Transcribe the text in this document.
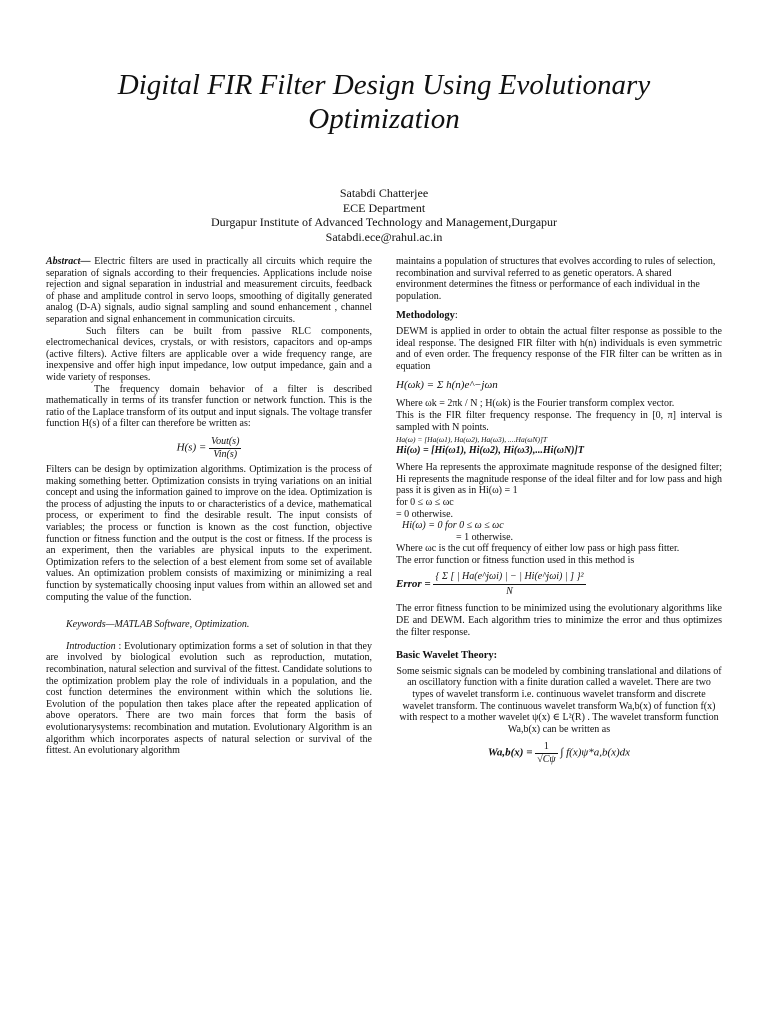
Digital FIR Filter Design Using Evolutionary Optimization
Satabdi Chatterjee
ECE Department
Durgapur Institute of Advanced Technology and Management,Durgapur
Satabdi.ece@rahul.ac.in

Abstract— Electric filters are used in practically all circuits which require the separation of signals according to their frequencies. Applications include noise rejection and signal separation in industrial and measurement circuits, feedback of phase and amplitude control in servo loops, smoothing of digitally generated analog (D-A) signals, audio signal sampling and sound enhancement , channel separation and signal enhancement in communication circuits.

Such filters can be built from passive RLC components, electromechanical devices, crystals, or with resistors, capacitors and op-amps (active filters). Active filters are applicable over a wide frequency range, are inexpensive and offer high input impedance, low output impedance, gain and a wide variety of responses.

The frequency domain behavior of a filter is described mathematically in terms of its transfer function or network function. This is the ratio of the Laplace transform of its output and input signals. The voltage transfer function H(s) of a filter can therefore be written as:

$H(s) = \frac{\text{Vout(s)}}{\text{Vin(s)}}$

Filters can be design by optimization algorithms. Optimization is the process of making something better. Optimization consists in trying variations on an initial concept and using the information gained to improve on the idea. Optimization is the process of adjusting the inputs to or characteristics of a device, mathematical process, or experiment to find the desirable result. The input consists of variables; the process or function is known as the cost function, objective function or fitness function and the output is the cost or fitness. If the process is an experiment, then the variables are physical inputs to the experiment. Optimization refers to the selection of a best element from some set of available values. An optimization problem consists of maximizing or minimizing a real function by systematically choosing input values from within an allowed set and computing the value of the function.

Keywords—MATLAB Software, Optimization.

Introduction : Evolutionary optimization forms a set of solution in that they are involved by biological evolution such as reproduction, mutation, recombination, natural selection and survival of the fittest. Candidate solutions to the optimization problem play the role of individuals in a population, and the cost function determines the environment within which the solutions lie. Evolution of the population then takes place after the repeated application of above operators. There are two main forces that form the basis of evolutionarysystems: recombination and mutation. Evolutionary Algorithm is an algorithm which incorporates aspects of natural selection or survival of the fittest. An evolutionary algorithm

maintains a population of structures that evolves according to rules of selection, recombination and survival referred to as genetic operators. A shared environment determines the fitness or performance of each individual in the population.

Methodology:

DEWM is applied in order to obtain the actual filter response as possible to the ideal response. The designed FIR filter with h(n) individuals is even symmetric and of even order. The frequency response of the FIR filter can be written as in equation

H(ωk) = Σ h(n)e^−jωn

Where ωk = 2πk / N ; H(ωk) is the Fourier transform complex vector.

This is the FIR filter frequency response. The frequency in [0, π] interval is sampled with N points.

Ha(ω) = [Ha(ω1), Ha(ω2), Ha(ω3), ....Ha(ωN)]T
Hi(ω) = [Hi(ω1), Hi(ω2), Hi(ω3),...Hi(ωN)]T

Where Ha represents the approximate magnitude response of the designed filter; Hi represents the magnitude response of the ideal filter and for low pass and high pass it is given as in Hi(ω) = 1

for 0 ≤ ω ≤ ωc

= 0 otherwise.

Hi(ω) = 0 for 0 ≤ ω ≤ ωc

= 1 otherwise.

Where ωc is the cut off frequency of either low pass or high pass fitter.

The error function or fitness function used in this method is

Error = $\frac{\text{\{ Σ [ | Ha(e\textasciicircum{}jωi) | − | Hi(e\textasciicircum{}jωi) | ] \}²}}{N}$

The error fitness function to be minimized using the evolutionary algorithms like DE and DEWM. Each algorithm tries to minimize the error and thus optimizes the filter response.

Basic Wavelet Theory:

Some seismic signals can be modeled by combining translational and dilations of an oscillatory function with a finite duration called a wavelet. There are two types of wavelet transform i.e. continuous wavelet transform and discrete wavelet transform. The continuous wavelet transform Wa,b(x) of function f(x) with respect to a mother wavelet ψ(x) ∈ L²(R) . The wavelet transform function Wa,b(x) can be written as

$Wa,b(x) = \frac{1}{√C\psi}$ ∫ f(x)ψ*a,b(x)dx
